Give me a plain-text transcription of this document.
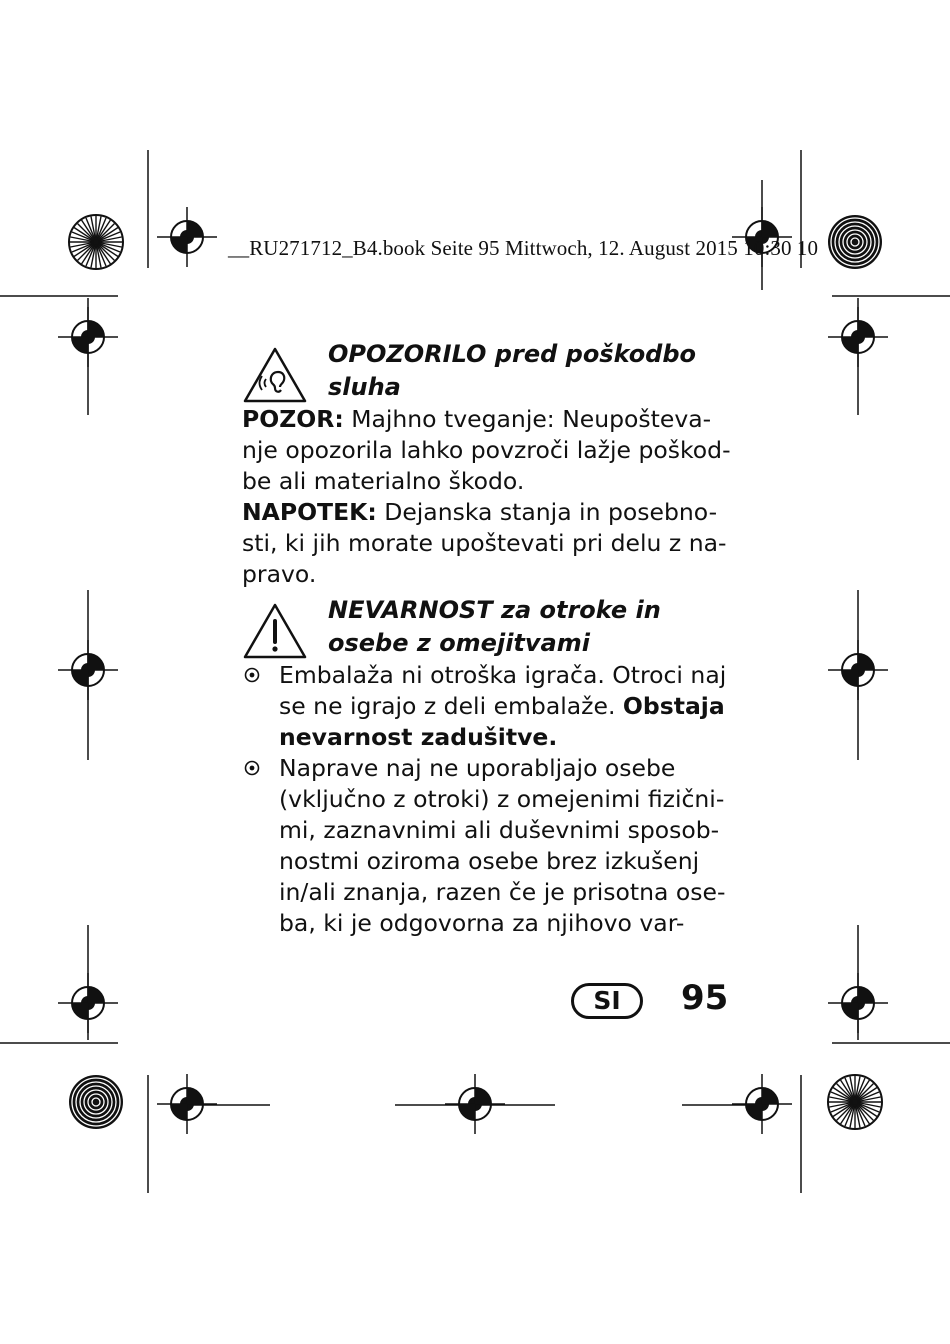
__RU271712_B4.book Seite 95 Mittwoch, 12. August 2015 10:30 10
OPOZORILO pred poškodbo
sluha
POZOR: Majhno tveganje: Neupošteva-
nje opozorila lahko povzroči lažje poškod-
be ali materialno škodo.
NAPOTEK: Dejanska stanja in posebno-
sti, ki jih morate upoštevati pri delu z na-
pravo.
NEVARNOST za otroke in
osebe z omejitvami
Embalaža ni otroška igrača. Otroci naj
se ne igrajo z deli embalaže. Obstaja
nevarnost zadušitve.
Naprave naj ne uporabljajo osebe
(vključno z otroki) z omejenimi fizični-
mi, zaznavnimi ali duševnimi sposob-
nostmi oziroma osebe brez izkušenj
in/ali znanja, razen če je prisotna ose-
ba, ki je odgovorna za njihovo var-
SI	95
